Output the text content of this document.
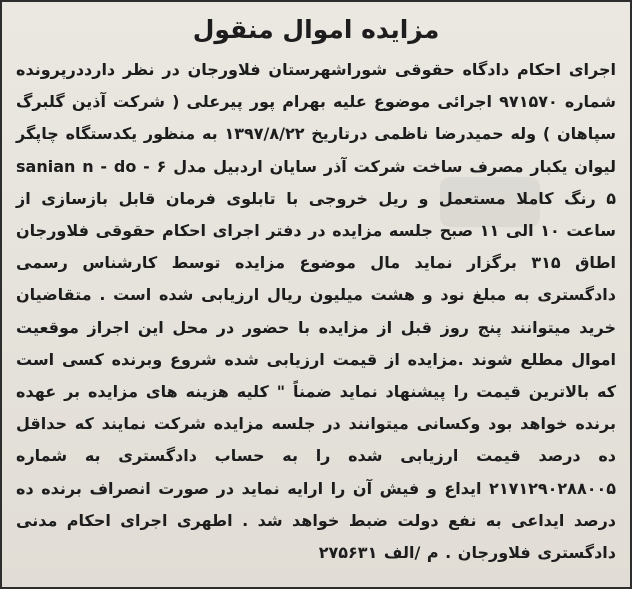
مزایده اموال منقول

اجرای احکام دادگاه حقوقی شوراشهرستان فلاورجان در نظر دارددرپرونده شماره ۹۷۱۵۷۰ اجرائی موضوع علیه بهرام پور پیرعلی ( شرکت آذین گلبرگ سپاهان ) وله حمیدرضا ناظمی درتاریخ ۱۳۹۷/۸/۲۲ به منظور یکدستگاه چاپگر لیوان یکبار مصرف ساخت شرکت آذر سایان اردبیل مدل ۶ - sanian n - do ۵ رنگ کاملا مستعمل و ریل خروجی با تابلوی فرمان قابل بازسازی از ساعت ۱۰ الی ۱۱ صبح جلسه مزایده در دفتر اجرای احکام حقوقی فلاورجان اطاق ۳۱۵ برگزار نماید مال موضوع مزایده توسط کارشناس رسمی دادگستری به مبلغ نود و هشت میلیون ریال ارزیابی شده است . متقاضیان خرید میتوانند پنج روز قبل از مزایده با حضور در محل این اجراز موقعیت اموال مطلع شوند .مزایده از قیمت ارزیابی شده شروع وبرنده کسی است که بالاترین قیمت را پیشنهاد نماید ضمناً " کلیه هزینه های مزایده بر عهده برنده خواهد بود وکسانی میتوانند در جلسه مزایده شرکت نمایند که حداقل ده درصد قیمت ارزیابی شده را به حساب دادگستری به شماره ۲۱۷۱۲۹۰۲۸۸۰۰۵ ایداع و فیش آن را ارایه نماید در صورت انصراف برنده ده درصد ایداعی به نفع دولت ضبط خواهد شد . اطهری اجرای احکام مدنی دادگستری فلاورجان . م /الف ۲۷۵۶۳۱
